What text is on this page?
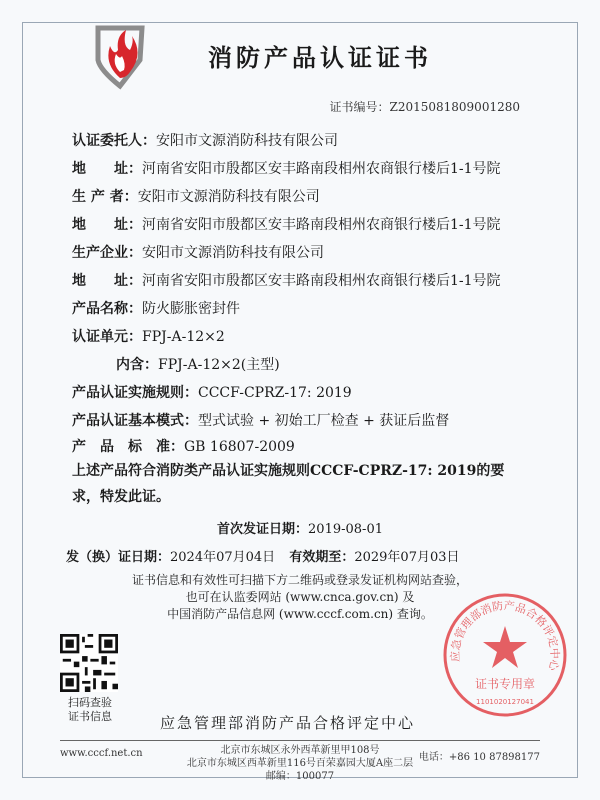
消防产品认证证书
证书编号：Z2015081809001280
认证委托人：安阳市文源消防科技有限公司
地　　址：河南省安阳市殷都区安丰路南段相州农商银行楼后1-1号院
生 产 者：安阳市文源消防科技有限公司
地　　址：河南省安阳市殷都区安丰路南段相州农商银行楼后1-1号院
生产企业：安阳市文源消防科技有限公司
地　　址：河南省安阳市殷都区安丰路南段相州农商银行楼后1-1号院
产品名称：防火膨胀密封件
认证单元：FPJ-A-12×2
内含：FPJ-A-12×2(主型)
产品认证实施规则：CCCF-CPRZ-17: 2019
产品认证基本模式：型式试验 + 初始工厂检查 + 获证后监督
产　品　标　准：GB 16807-2009
上述产品符合消防类产品认证实施规则CCCF-CPRZ-17: 2019的要求，特发此证。
首次发证日期：2019-08-01
发（换）证日期：2024年07月04日 有效期至：2029年07月03日
证书信息和有效性可扫描下方二维码或登录发证机构网站查验，
也可在认监委网站 (www.cnca.gov.cn) 及
中国消防产品信息网 (www.cccf.com.cn) 查询。
扫码查验
证书信息	应急管理部消防产品合格评定中心
应急管理部消防产品合格评定中心
证书专用章
1101020127041
www.cccf.net.cn	北京市东城区永外西革新里甲108号
北京市东城区西革新里116号百荣嘉园大厦A座二层
邮编：100077
电话：+86 10 87898177
